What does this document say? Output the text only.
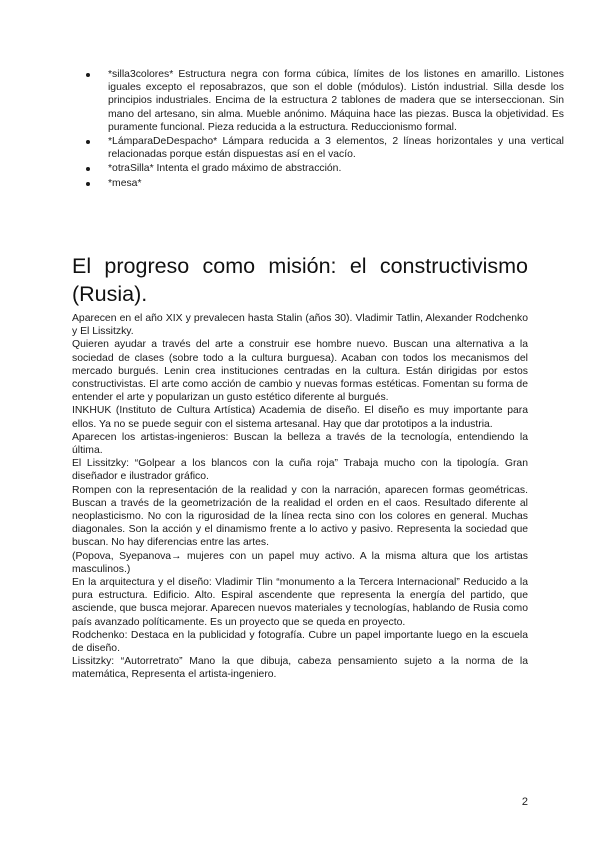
*silla3colores* Estructura negra con forma cúbica, límites de los listones en amarillo. Listones iguales excepto el reposabrazos, que son el doble (módulos). Listón industrial. Silla desde los principios industriales. Encima de la estructura 2 tablones de madera que se interseccionan. Sin mano del artesano, sin alma. Mueble anónimo. Máquina hace las piezas. Busca la objetividad. Es puramente funcional. Pieza reducida a la estructura. Reduccionismo formal.
*LámparaDeDespacho* Lámpara reducida a 3 elementos, 2 líneas horizontales y una vertical relacionadas porque están dispuestas así en el vacío.
*otraSilla* Intenta el grado máximo de abstracción.
*mesa*
El progreso como misión: el constructivismo (Rusia).

Aparecen en el año XIX y prevalecen hasta Stalin (años 30). Vladimir Tatlin, Alexander Rodchenko y El Lissitzky.

Quieren ayudar a través del arte a construir ese hombre nuevo. Buscan una alternativa a la sociedad de clases (sobre todo a la cultura burguesa). Acaban con todos los mecanismos del mercado burgués. Lenin crea instituciones centradas en la cultura. Están dirigidas por estos constructivistas. El arte como acción de cambio y nuevas formas estéticas. Fomentan su forma de entender el arte y popularizan un gusto estético diferente al burgués.

INKHUK (Instituto de Cultura Artística) Academia de diseño. El diseño es muy importante para ellos. Ya no se puede seguir con el sistema artesanal. Hay que dar prototipos a la industria.

Aparecen los artistas-ingenieros: Buscan la belleza a través de la tecnología, entendiendo la última.

El Lissitzky: “Golpear a los blancos con la cuña roja” Trabaja mucho con la tipología. Gran diseñador e ilustrador gráfico.

Rompen con la representación de la realidad y con la narración, aparecen formas geométricas. Buscan a través de la geometrización de la realidad el orden en el caos. Resultado diferente al neoplasticismo. No con la rigurosidad de la línea recta sino con los colores en general. Muchas diagonales. Son la acción y el dinamismo frente a lo activo y pasivo. Representa la sociedad que buscan. No hay diferencias entre las artes.

(Popova, Syepanova→ mujeres con un papel muy activo. A la misma altura que los artistas masculinos.)

En la arquitectura y el diseño: Vladimir Tlin “monumento a la Tercera Internacional” Reducido a la pura estructura. Edificio. Alto. Espiral ascendente que representa la energía del partido, que asciende, que busca mejorar. Aparecen nuevos materiales y tecnologías, hablando de Rusia como país avanzado políticamente. Es un proyecto que se queda en proyecto.

Rodchenko: Destaca en la publicidad y fotografía. Cubre un papel importante luego en la escuela de diseño.

Lissitzky: “Autorretrato” Mano la que dibuja, cabeza pensamiento sujeto a la norma de la matemática, Representa el artista-ingeniero.

2
